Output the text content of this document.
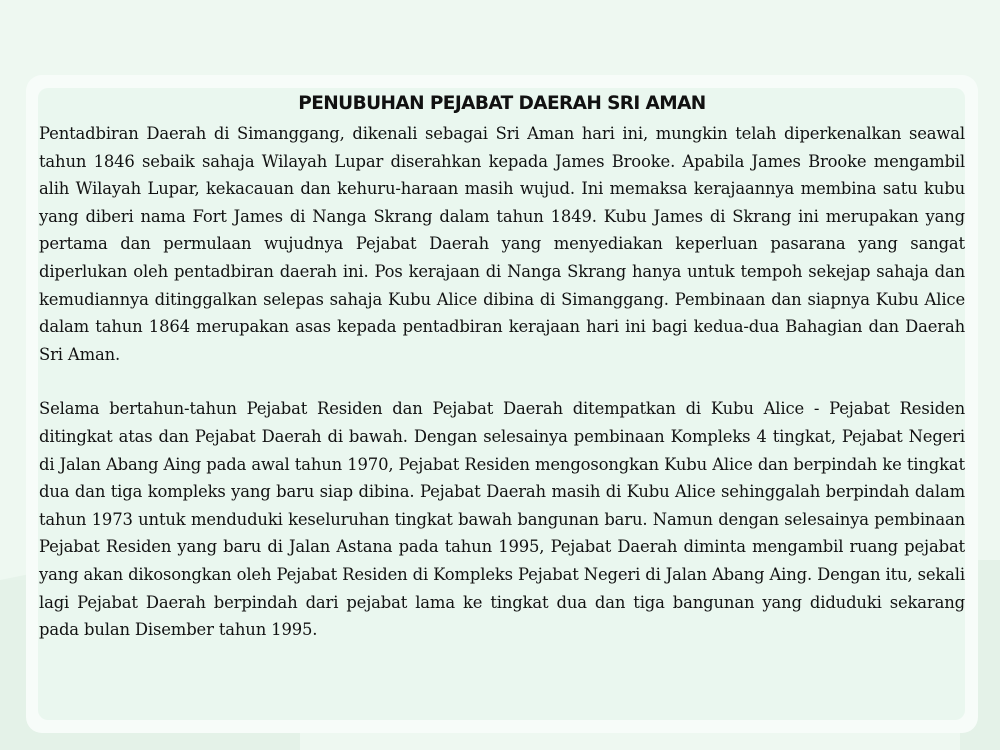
PENUBUHAN PEJABAT DAERAH SRI AMAN

Pentadbiran Daerah di Simanggang, dikenali sebagai Sri Aman hari ini, mungkin telah diperkenalkan seawal tahun 1846 sebaik sahaja Wilayah Lupar diserahkan kepada James Brooke. Apabila James Brooke mengambil alih Wilayah Lupar, kekacauan dan kehuru-haraan masih wujud. Ini memaksa kerajaannya membina satu kubu yang diberi nama Fort James di Nanga Skrang dalam tahun 1849. Kubu James di Skrang ini merupakan yang pertama dan permulaan wujudnya Pejabat Daerah yang menyediakan keperluan pasarana yang sangat diperlukan oleh pentadbiran daerah ini. Pos kerajaan di Nanga Skrang hanya untuk tempoh sekejap sahaja dan kemudiannya ditinggalkan selepas sahaja Kubu Alice dibina di Simanggang. Pembinaan dan siapnya Kubu Alice dalam tahun 1864 merupakan asas kepada pentadbiran kerajaan hari ini bagi kedua-dua Bahagian dan Daerah Sri Aman.

Selama bertahun-tahun Pejabat Residen dan Pejabat Daerah ditempatkan di Kubu Alice - Pejabat Residen ditingkat atas dan Pejabat Daerah di bawah. Dengan selesainya pembinaan Kompleks 4 tingkat, Pejabat Negeri di Jalan Abang Aing pada awal tahun 1970, Pejabat Residen mengosongkan Kubu Alice dan berpindah ke tingkat dua dan tiga kompleks yang baru siap dibina. Pejabat Daerah masih di Kubu Alice sehinggalah berpindah dalam tahun 1973 untuk menduduki keseluruhan tingkat bawah bangunan baru. Namun dengan selesainya pembinaan Pejabat Residen yang baru di Jalan Astana pada tahun 1995, Pejabat Daerah diminta mengambil ruang pejabat yang akan dikosongkan oleh Pejabat Residen di Kompleks Pejabat Negeri di Jalan Abang Aing. Dengan itu, sekali lagi Pejabat Daerah berpindah dari pejabat lama ke tingkat dua dan tiga bangunan yang diduduki sekarang pada bulan Disember tahun 1995.
